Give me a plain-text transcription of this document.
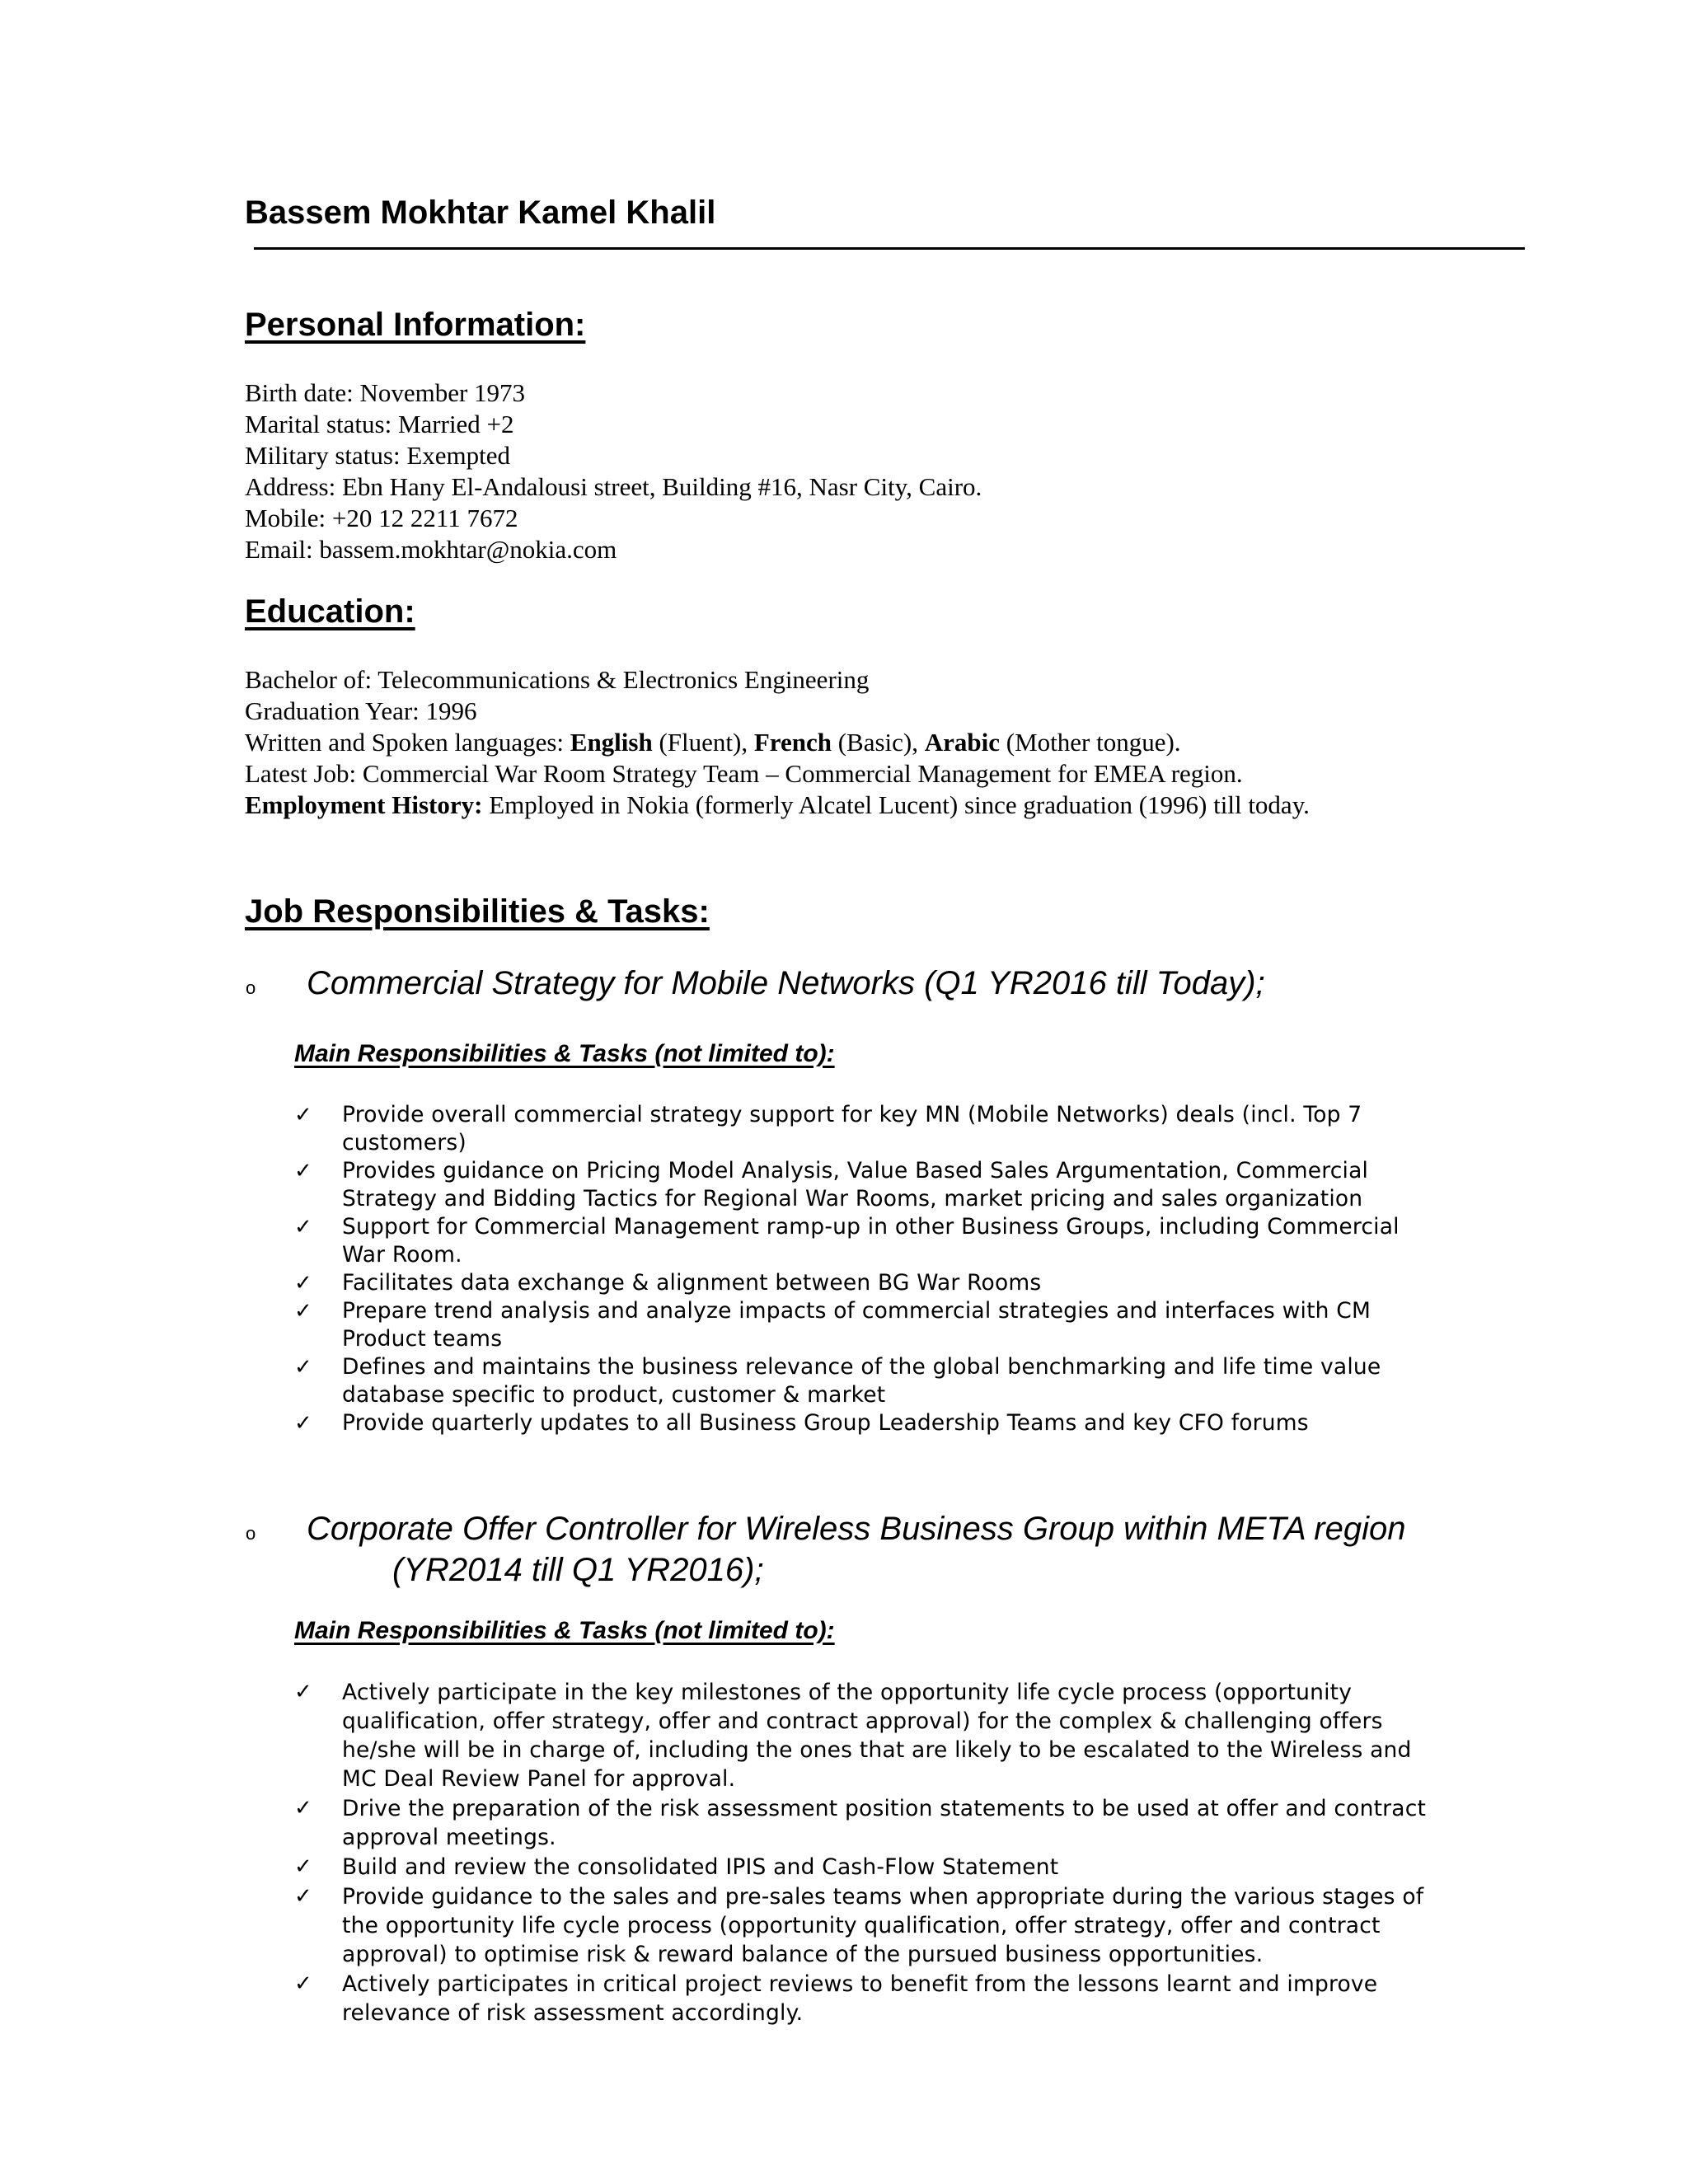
Bassem Mokhtar Kamel Khalil
Personal Information:
Birth date: November 1973
Marital status: Married +2
Military status: Exempted
Address: Ebn Hany El-Andalousi street, Building #16, Nasr City, Cairo.
Mobile: +20 12 2211 7672
Email: bassem.mokhtar@nokia.com
Education:
Bachelor of: Telecommunications & Electronics Engineering
Graduation Year: 1996
Written and Spoken languages: English (Fluent), French (Basic), Arabic (Mother tongue).
Latest Job: Commercial War Room Strategy Team – Commercial Management for EMEA region.
Employment History: Employed in Nokia (formerly Alcatel Lucent) since graduation (1996) till today.
Job Responsibilities & Tasks:
o Commercial Strategy for Mobile Networks (Q1 YR2016 till Today);
Main Responsibilities & Tasks (not limited to):
✓ Provide overall commercial strategy support for key MN (Mobile Networks) deals (incl. Top 7 customers)
✓ Provides guidance on Pricing Model Analysis, Value Based Sales Argumentation, Commercial Strategy and Bidding Tactics for Regional War Rooms, market pricing and sales organization
✓ Support for Commercial Management ramp-up in other Business Groups, including Commercial War Room.
✓ Facilitates data exchange & alignment between BG War Rooms
✓ Prepare trend analysis and analyze impacts of commercial strategies and interfaces with CM Product teams
✓ Defines and maintains the business relevance of the global benchmarking and life time value database specific to product, customer & market
✓ Provide quarterly updates to all Business Group Leadership Teams and key CFO forums
o Corporate Offer Controller for Wireless Business Group within META region
(YR2014 till Q1 YR2016);
Main Responsibilities & Tasks (not limited to):
✓ Actively participate in the key milestones of the opportunity life cycle process (opportunity qualification, offer strategy, offer and contract approval) for the complex & challenging offers he/she will be in charge of, including the ones that are likely to be escalated to the Wireless and MC Deal Review Panel for approval.
✓ Drive the preparation of the risk assessment position statements to be used at offer and contract approval meetings.
✓ Build and review the consolidated IPIS and Cash-Flow Statement
✓ Provide guidance to the sales and pre-sales teams when appropriate during the various stages of the opportunity life cycle process (opportunity qualification, offer strategy, offer and contract approval) to optimise risk & reward balance of the pursued business opportunities.
✓ Actively participates in critical project reviews to benefit from the lessons learnt and improve relevance of risk assessment accordingly.
